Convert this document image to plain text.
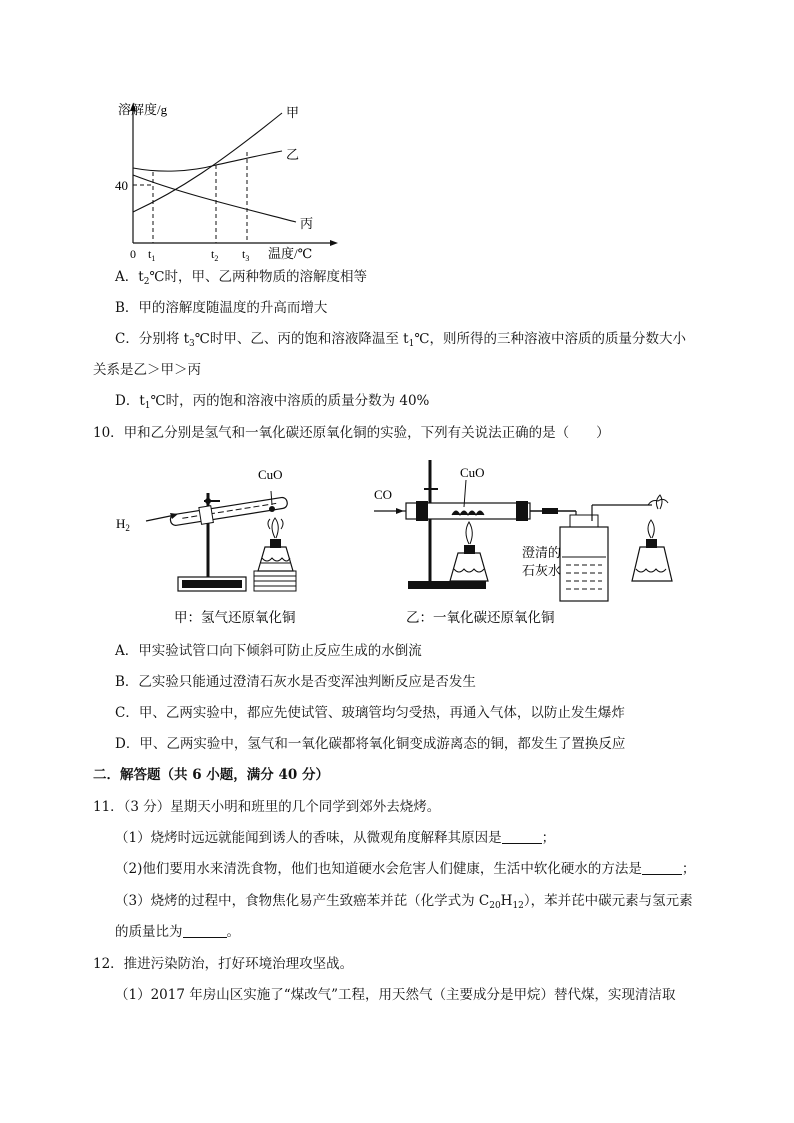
溶解度/g
40
0 $t_1$	$t_2$ $t_3$ 温度/℃
甲
乙
丙
A．$t_2℃$时，甲、乙两种物质的溶解度相等
B．甲的溶解度随温度的升高而增大
C．分别将 $t_3℃$时甲、乙、丙的饱和溶液降温至 $t_1℃$，则所得的三种溶液中溶质的质量分数大小
关系是乙＞甲＞丙
D．$t_1℃$时，丙的饱和溶液中溶质的质量分数为 40%
10．甲和乙分别是氢气和一氧化碳还原氧化铜的实验，下列有关说法正确的是（　　）
CuO
$H_2$
CO
CuO
澄清的
石灰水
甲：氢气还原氧化铜	乙：一氧化碳还原氧化铜
A．甲实验试管口向下倾斜可防止反应生成的水倒流
B．乙实验只能通过澄清石灰水是否变浑浊判断反应是否发生
C．甲、乙两实验中，都应先使试管、玻璃管均匀受热，再通入气体，以防止发生爆炸
D．甲、乙两实验中，氢气和一氧化碳都将氧化铜变成游离态的铜，都发生了置换反应
二．解答题（共 6 小题，满分 40 分）
11．（3 分）星期天小明和班里的几个同学到郊外去烧烤。
（1）烧烤时远远就能闻到诱人的香味，从微观角度解释其原因是	；
（2)他们要用水来清洗食物，他们也知道硬水会危害人们健康，生活中软化硬水的方法是	；
（3）烧烤的过程中，食物焦化易产生致癌苯并芘（化学式为 $C_{20}H_{12}$），苯并芘中碳元素与氢元素
的质量比为	。
12．推进污染防治，打好环境治理攻坚战。
（1）2017 年房山区实施了“煤改气”工程，用天然气（主要成分是甲烷）替代煤，实现清洁取
